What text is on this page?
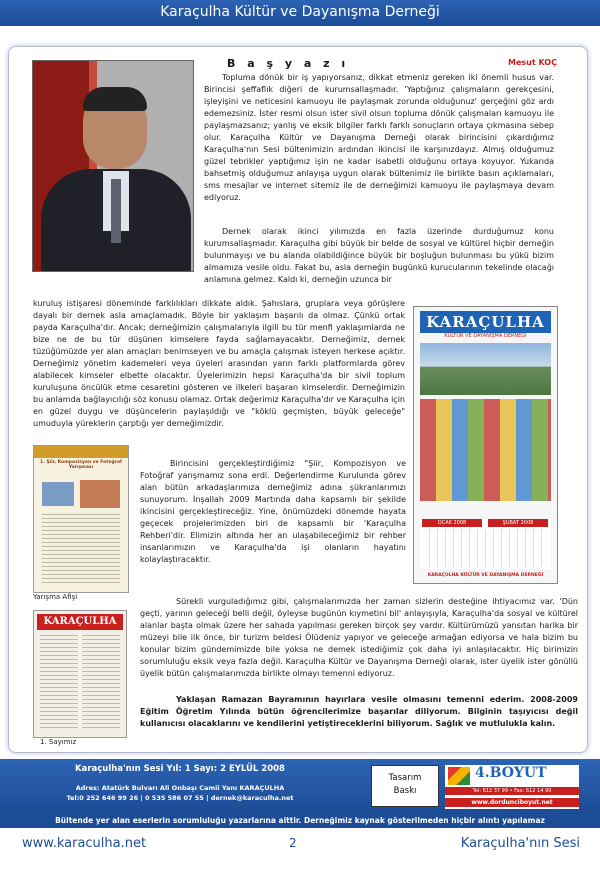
Karaçulha Kültür ve Dayanışma Derneği
B a ş y a z ı	Mesut KOÇ

Topluma dönük bir iş yapıyorsanız, dikkat etmeniz gereken iki önemli husus var. Birincisi şeffaflık diğeri de kurumsallaşmadır. 'Yaptığınız çalışmaların gerekçesini, işleyişini ve neticesini kamuoyu ile paylaşmak zorunda olduğunuz' gerçeğini göz ardı edemezsiniz. İster resmi olsun ister sivil olsun topluma dönük çalışmaları kamuoyu ile paylaşmazsanız; yanlış ve eksik bilgiler farklı farklı sonuçların ortaya çıkmasına sebep olur. Karaçulha Kültür ve Dayanışma Derneği olarak birincisini çıkardığımız Karaçulha'nın Sesi bültenimizin ardından ikincisi ile karşınızdayız. Almış olduğumuz güzel tebrikler yaptığımız işin ne kadar isabetli olduğunu ortaya koyuyor. Yukarıda bahsetmiş olduğumuz anlayışa uygun olarak bültenimiz ile birlikte basın açıklamaları, sms mesajlar ve internet sitemiz ile de derneğimizi kamuoyu ile paylaşmaya devam ediyoruz.

Dernek olarak ikinci yılımızda en fazla üzerinde durduğumuz konu kurumsallaşmadır. Karaçulha gibi büyük bir belde de sosyal ve kültürel hiçbir derneğin bulunmayışı ve bu alanda olabildiğince büyük bir boşluğun bulunması bu yükü bizim almamıza vesile oldu. Fakat bu, asla derneğin bugünkü kurucularının tekelinde olacağı anlamına gelmez. Kaldı ki, derneğin uzunca bir

kuruluş istişaresi döneminde farklılıkları dikkate aldık. Şahıslara, gruplara veya görüşlere dayalı bir dernek asla amaçlamadık. Böyle bir yaklaşım başarılı da olmaz. Çünkü ortak payda Karaçulha'dır. Ancak; derneğimizin çalışmalarıyla ilgili bu tür menfi yaklaşımlarda ne bize ne de bu tür düşünen kimselere fayda sağlamayacaktır. Derneğimiz, dernek tüzüğümüzde yer alan amaçları benimseyen ve bu amaçla çalışmak isteyen herkese açıktır. Derneğimiz yönetim kademeleri veya üyeleri arasından yarın farklı platformlarda görev alabilecek kimseler elbette olacaktır. Üyelerimizin hepsi Karaçulha'da bir sivil toplum kuruluşuna öncülük etme cesaretini gösteren ve ilkeleri başaran kimselerdir. Derneğimizin bu anlamda bağlayıcılığı söz konusu olamaz. Ortak değerimiz Karaçulha'dır ve Karaçulha için en güzel duygu ve düşüncelerin paylaşıldığı ve "köklü geçmişten, büyük geleceğe" umuduyla yüreklerin çarptığı yer derneğimizdir.

KARAÇULHA
KÜLTÜR VE DAYANIŞMA DERNEĞİ
OCAK 2008	ŞUBAT 2008
KARAÇULHA KÜLTÜR VE DAYANIŞMA DERNEĞİ
1. Şiir, Kompozisyon ve Fotoğraf Yarışması
Yarışma Afişi

Birincisini gerçekleştirdiğimiz "Şiir, Kompozisyon ve Fotoğraf yarışmamız sona erdi. Değerlendirme Kurulunda görev alan bütün arkadaşlarımıza derneğimiz adına şükranlarımızı sunuyorum. İnşallah 2009 Martında daha kapsamlı bir şekilde ikincisini gerçekleştireceğiz. Yine, önümüzdeki dönemde hayata geçecek projelerimizden biri de kapsamlı bir 'Karaçulha Rehberi'dir. Elimizin altında her an ulaşabileceğimiz bir rehber insanlarımızın ve Karaçulha'da işi olanların hayatını kolaylaştıracaktır.

Sürekli vurguladığımız gibi, çalışmalarımızda her zaman sizlerin desteğine ihtiyacımız var. 'Dün geçti, yarının geleceği belli değil, öyleyse bugünün kıymetini bil' anlayışıyla, Karaçulha'da sosyal ve kültürel alanlar başta olmak üzere her sahada yapılması gereken birçok şey vardır. Kültürümüzü yansıtan harika bir müzeyi bile ilk önce, bir turizm beldesi Ölüdeniz yapıyor ve geleceğe armağan ediyorsa ve hala bizim bu konular bizim gündemimizde bile yoksa ne demek istediğimiz çok daha iyi anlaşılacaktır. Hiç birimizin sorumluluğu eksik veya fazla değil. Karaçulha Kültür ve Dayanışma Derneği olarak, ister üyelik ister gönüllü üyelik bütün çalışmalarımızda birlikte olmayı temenni ediyoruz.

Yaklaşan Ramazan Bayramının hayırlara vesile olmasını temenni ederim. 2008-2009 Eğitim Öğretim Yılında bütün öğrencilerimize başarılar diliyorum. Bilginin taşıyıcısı değil kullanıcısı olacaklarını ve kendilerini yetiştireceklerini biliyorum. Sağlık ve mutlulukla kalın.

KARAÇULHA
1. Sayımız
Karaçulha'nın Sesi Yıl: 1 Sayı: 2 EYLÜL 2008
Adres: Atatürk Bulvarı Ali Onbaşı Camii Yanı KARAÇULHA
Tel:0 252 646 99 26 | 0 535 586 07 55 | dernek@karaculha.net
Tasarım
Baskı
4.BOYUT
Tel: 612 37 99 • Fax: 612 14 99
www.dordunciboyut.net
Bültende yer alan eserlerin sorumluluğu yazarlarına aittir. Derneğimiz kaynak gösterilmeden hiçbir alıntı yapılamaz
www.karaculha.net	2	Karaçulha'nın Sesi
